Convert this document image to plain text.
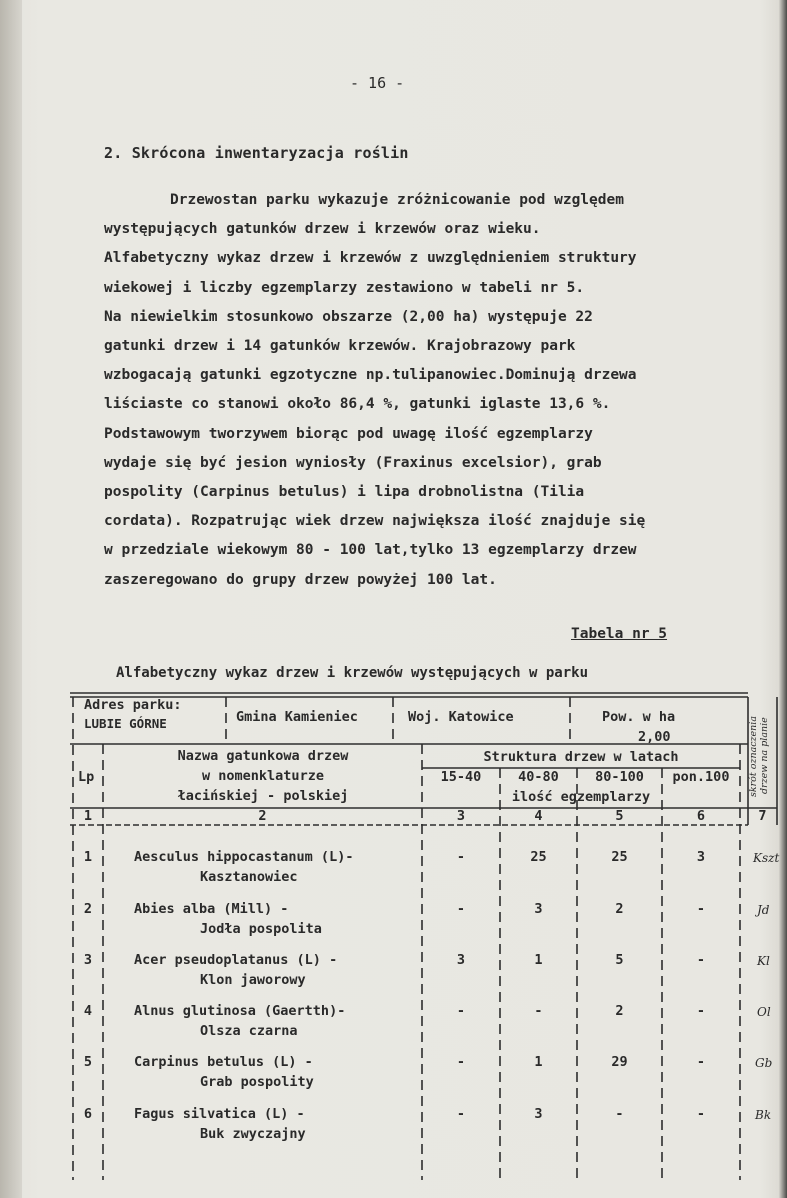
- 16 -
2. Skrócona inwentaryzacja roślin
Drzewostan parku wykazuje zróżnicowanie pod względem
występujących gatunków drzew i krzewów oraz wieku.
Alfabetyczny wykaz drzew i krzewów z uwzględnieniem struktury
wiekowej i liczby egzemplarzy zestawiono w tabeli nr 5.
Na niewielkim stosunkowo obszarze (2,00 ha) występuje 22
gatunki drzew i 14 gatunków krzewów. Krajobrazowy park
wzbogacają gatunki egzotyczne np.tulipanowiec.Dominują drzewa
liściaste co stanowi około 86,4 %, gatunki iglaste 13,6 %.
Podstawowym tworzywem biorąc pod uwagę ilość egzemplarzy
wydaje się być jesion wyniosły (Fraxinus excelsior), grab
pospolity (Carpinus betulus) i lipa drobnolistna (Tilia
cordata). Rozpatrując wiek drzew największa ilość znajduje się
w przedziale wiekowym 80 - 100 lat,tylko 13 egzemplarzy drzew
zaszeregowano do grupy drzew powyżej 100 lat.
Tabela nr 5
Alfabetyczny wykaz drzew i krzewów występujących w parku
Adres parku:
LUBIE GÓRNE	Gmina Kamieniec	Woj. Katowice	Pow. w ha
2,00	skrót oznaczenia
drzew na planie
Lp
Nazwa gatunkowa drzew
w nomenklaturze
łacińskiej - polskiej
Struktura drzew w latach
15-40	40-80	80-100	pon.100
ilość egzemplarzy
1	2	3	4	5	6	7
1	Aesculus hippocastanum (L)-
Kasztanowiec
-	25	25	3	Kszt
2	Abies alba (Mill) -
Jodła pospolita
-	3	2	-	Jd
3	Acer pseudoplatanus (L) -
Klon jaworowy
3	1	5	-	Kl
4	Alnus glutinosa (Gaertth)-
Olsza czarna
-	-	2	-	Ol
5	Carpinus betulus (L) -
Grab pospolity
-	1	29	-	Gb
6	Fagus silvatica (L) -
Buk zwyczajny
-	3	-	-	Bk
